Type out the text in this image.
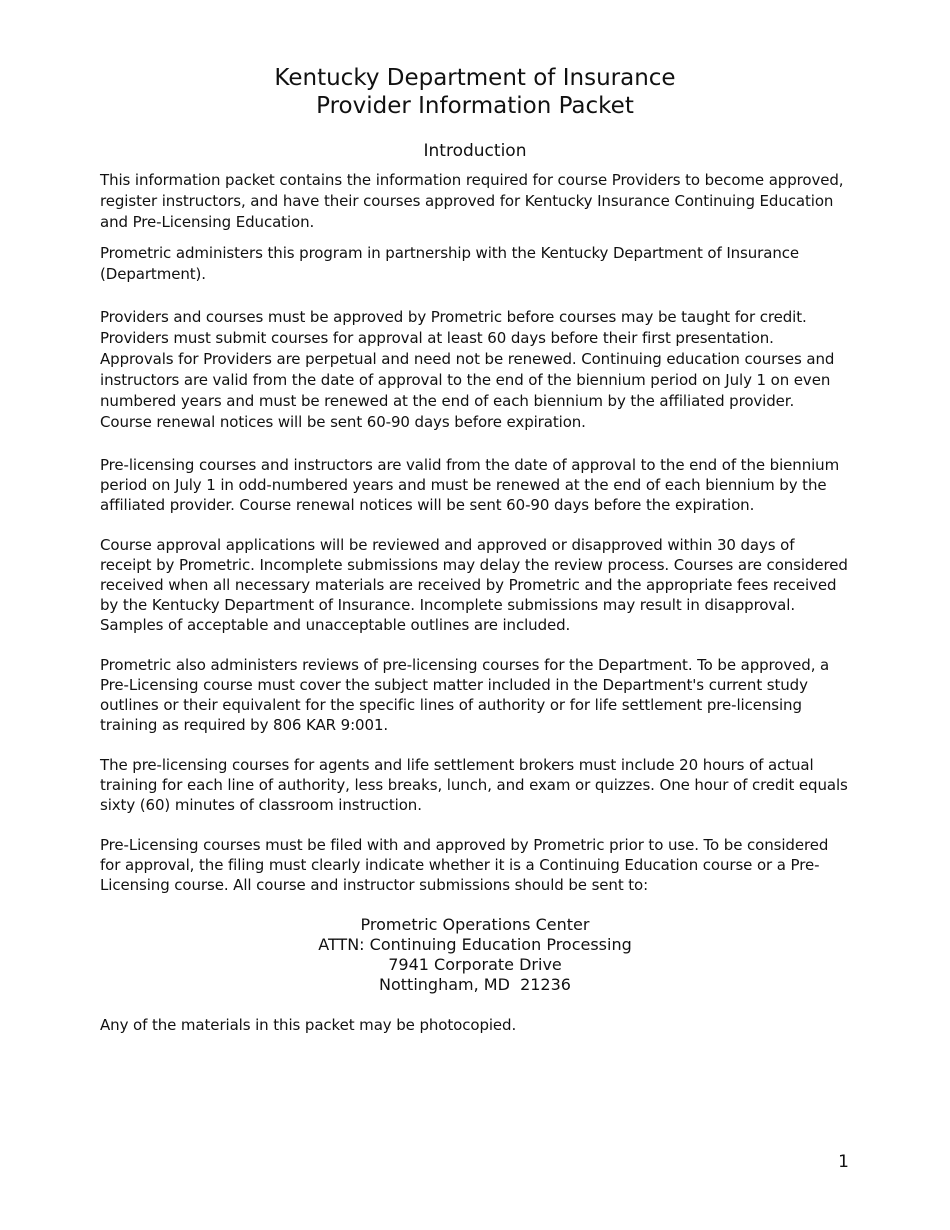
Kentucky Department of Insurance
Provider Information Packet
Introduction

This information packet contains the information required for course Providers to become approved, register instructors, and have their courses approved for Kentucky Insurance Continuing Education and Pre-Licensing Education.

Prometric administers this program in partnership with the Kentucky Department of Insurance (Department).

Providers and courses must be approved by Prometric before courses may be taught for credit. Providers must submit courses for approval at least 60 days before their first presentation. Approvals for Providers are perpetual and need not be renewed. Continuing education courses and instructors are valid from the date of approval to the end of the biennium period on July 1 on even numbered years and must be renewed at the end of each biennium by the affiliated provider. Course renewal notices will be sent 60-90 days before expiration.

Pre-licensing courses and instructors are valid from the date of approval to the end of the biennium period on July 1 in odd-numbered years and must be renewed at the end of each biennium by the affiliated provider. Course renewal notices will be sent 60-90 days before the expiration.

Course approval applications will be reviewed and approved or disapproved within 30 days of receipt by Prometric. Incomplete submissions may delay the review process. Courses are considered received when all necessary materials are received by Prometric and the appropriate fees received by the Kentucky Department of Insurance. Incomplete submissions may result in disapproval. Samples of acceptable and unacceptable outlines are included.

Prometric also administers reviews of pre-licensing courses for the Department. To be approved, a Pre-Licensing course must cover the subject matter included in the Department's current study outlines or their equivalent for the specific lines of authority or for life settlement pre-licensing training as required by 806 KAR 9:001.

The pre-licensing courses for agents and life settlement brokers must include 20 hours of actual training for each line of authority, less breaks, lunch, and exam or quizzes. One hour of credit equals sixty (60) minutes of classroom instruction.

Pre-Licensing courses must be filed with and approved by Prometric prior to use. To be considered for approval, the filing must clearly indicate whether it is a Continuing Education course or a Pre-Licensing course. All course and instructor submissions should be sent to:

Prometric Operations Center
ATTN: Continuing Education Processing
7941 Corporate Drive
Nottingham, MD  21236

Any of the materials in this packet may be photocopied.

1
